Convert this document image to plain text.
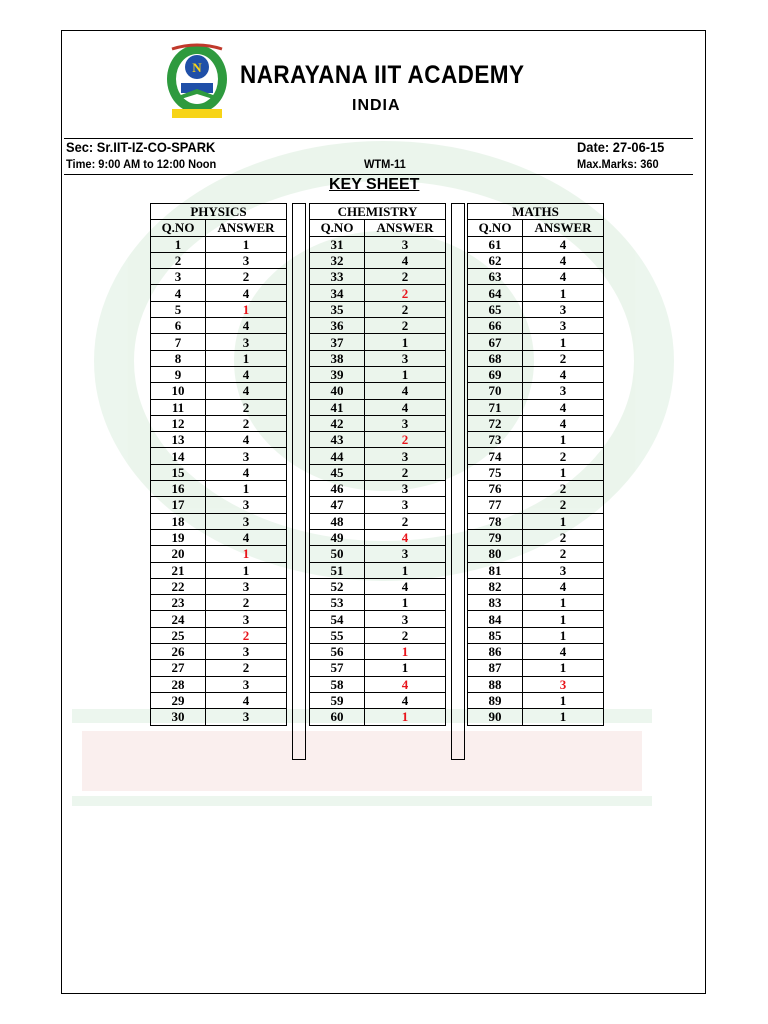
N NARAYANA IIT ACADEMY
INDIA
Sec: Sr.IIT-IZ-CO-SPARK	Date: 27-06-15
Time: 9:00 AM to 12:00 Noon	WTM-11	Max.Marks: 360
KEY SHEET
PHYSICS	
Q.NO	ANSWER
1	1
2	3
3	2
4	4
5	1
6	4
7	3
8	1
9	4
10	4
11	2
12	2
13	4
14	3
15	4
16	1
17	3
18	3
19	4
20	1
21	1
22	3
23	2
24	3
25	2
26	3
27	2
28	3
29	4
30	3
CHEMISTRY	
Q.NO	ANSWER
31	3
32	4
33	2
34	2
35	2
36	2
37	1
38	3
39	1
40	4
41	4
42	3
43	2
44	3
45	2
46	3
47	3
48	2
49	4
50	3
51	1
52	4
53	1
54	3
55	2
56	1
57	1
58	4
59	4
60	1
MATHS	
Q.NO	ANSWER
61	4
62	4
63	4
64	1
65	3
66	3
67	1
68	2
69	4
70	3
71	4
72	4
73	1
74	2
75	1
76	2
77	2
78	1
79	2
80	2
81	3
82	4
83	1
84	1
85	1
86	4
87	1
88	3
89	1
90	1
